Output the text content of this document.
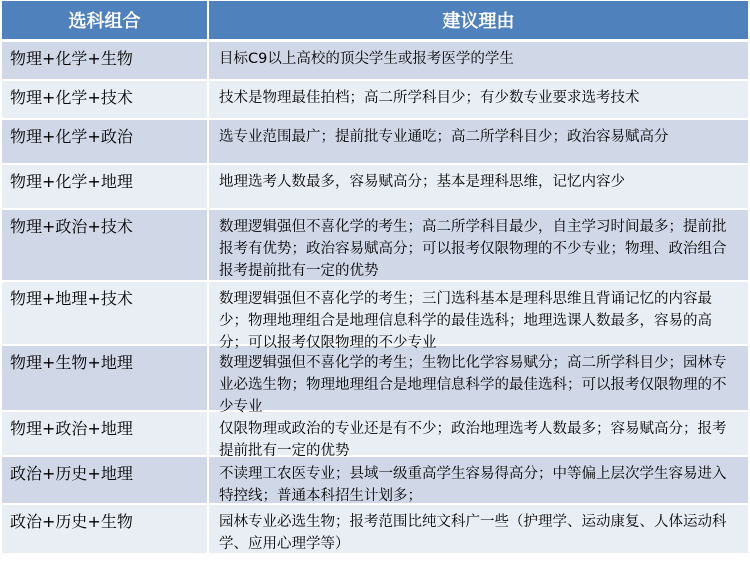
选科组合	建议理由
物理+化学+生物	目标C9以上高校的顶尖学生或报考医学的学生
物理+化学+技术	技术是物理最佳拍档；高二所学科目少；有少数专业要求选考技术
物理+化学+政治	选专业范围最广；提前批专业通吃；高二所学科目少；政治容易赋高分
物理+化学+地理	地理选考人数最多，容易赋高分；基本是理科思维，记忆内容少
物理+政治+技术	数理逻辑强但不喜化学的考生；高二所学科目最少，自主学习时间最多；提前批报考有优势；政治容易赋高分；可以报考仅限物理的不少专业；物理、政治组合报考提前批有一定的优势
物理+地理+技术	数理逻辑强但不喜化学的考生；三门选科基本是理科思维且背诵记忆的内容最少；物理地理组合是地理信息科学的最佳选科；地理选课人数最多，容易的高分；可以报考仅限物理的不少专业
物理+生物+地理	数理逻辑强但不喜化学的考生；生物比化学容易赋分；高二所学科目少；园林专业必选生物；物理地理组合是地理信息科学的最佳选科；可以报考仅限物理的不少专业
物理+政治+地理	仅限物理或政治的专业还是有不少；政治地理选考人数最多；容易赋高分；报考提前批有一定的优势
政治+历史+地理	不读理工农医专业；县域一级重高学生容易得高分；中等偏上层次学生容易进入特控线；普通本科招生计划多；
政治+历史+生物	园林专业必选生物；报考范围比纯文科广一些（护理学、运动康复、人体运动科学、应用心理学等）
